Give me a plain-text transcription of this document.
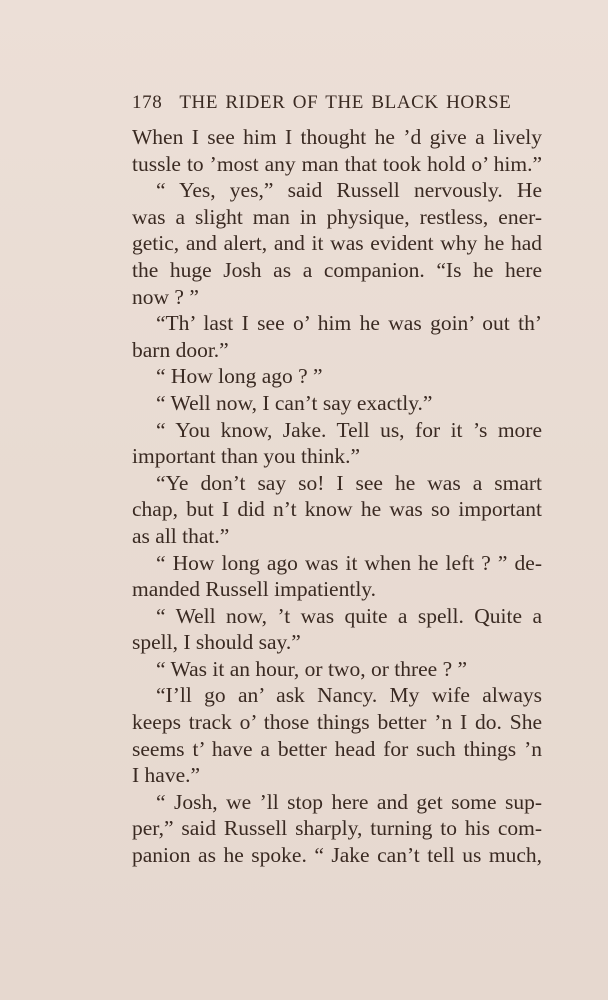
178 THE RIDER OF THE BLACK HORSE
When I see him I thought he ’d give a lively
tussle to ’most any man that took hold o’ him.”
“ Yes, yes,” said Russell nervously. He
was a slight man in physique, restless, ener-
getic, and alert, and it was evident why he had
the huge Josh as a companion. “Is he here
now ? ”
“Th’ last I see o’ him he was goin’ out th’
barn door.”
“ How long ago ? ”
“ Well now, I can’t say exactly.”
“ You know, Jake. Tell us, for it ’s more
important than you think.”
“Ye don’t say so! I see he was a smart
chap, but I did n’t know he was so important
as all that.”
“ How long ago was it when he left ? ” de-
manded Russell impatiently.
“ Well now, ’t was quite a spell. Quite a
spell, I should say.”
“ Was it an hour, or two, or three ? ”
“I’ll go an’ ask Nancy. My wife always
keeps track o’ those things better ’n I do. She
seems t’ have a better head for such things ’n
I have.”
“ Josh, we ’ll stop here and get some sup-
per,” said Russell sharply, turning to his com-
panion as he spoke. “ Jake can’t tell us much,
